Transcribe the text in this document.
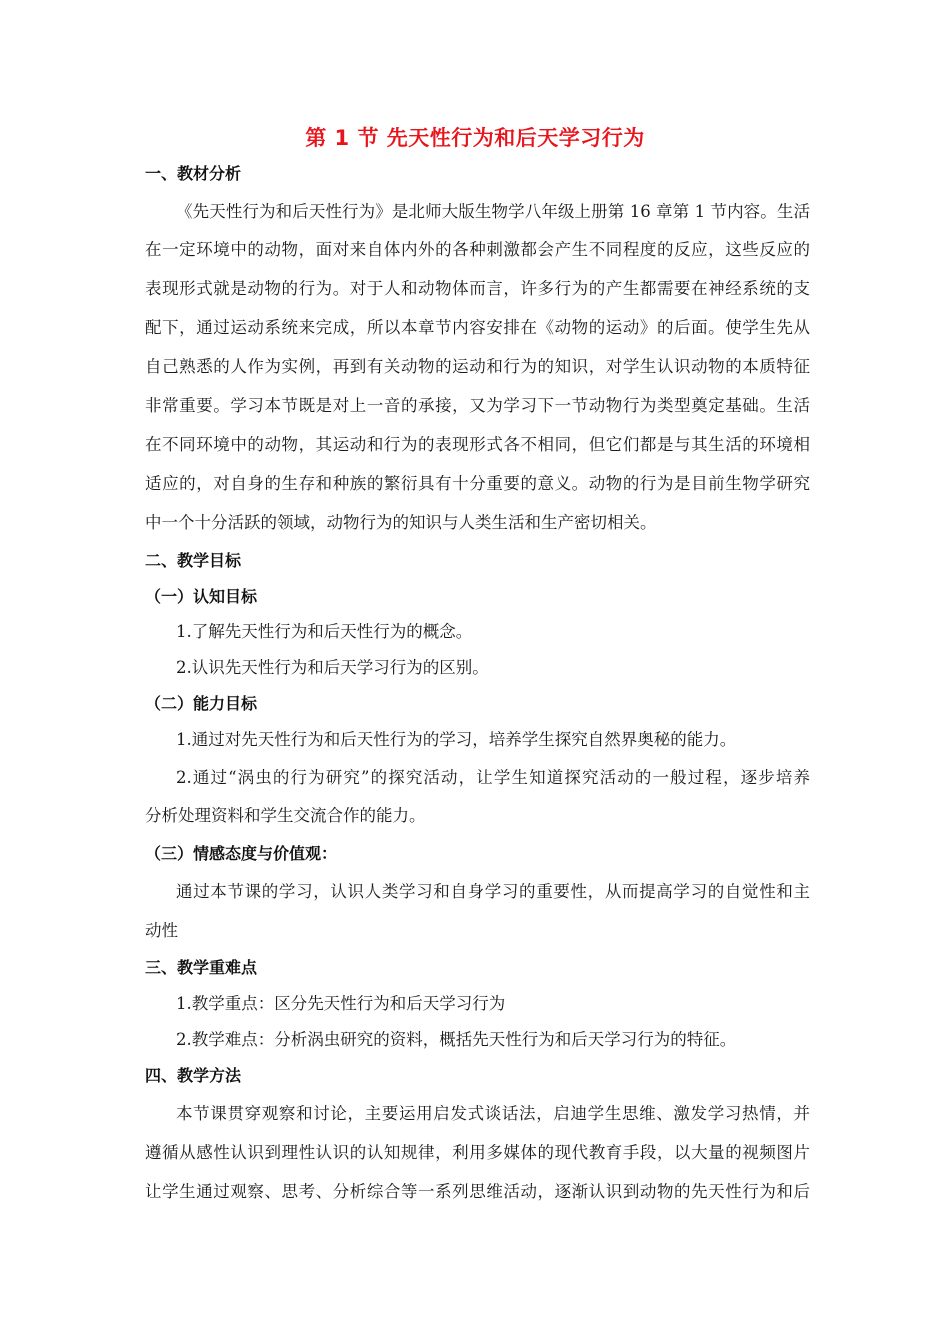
第 1 节 先天性行为和后天学习行为
一、教材分析
《先天性行为和后天性行为》是北师大版生物学八年级上册第 16 章第 1 节内容。生活
在一定环境中的动物，面对来自体内外的各种刺激都会产生不同程度的反应，这些反应的
表现形式就是动物的行为。对于人和动物体而言，许多行为的产生都需要在神经系统的支
配下，通过运动系统来完成，所以本章节内容安排在《动物的运动》的后面。使学生先从
自己熟悉的人作为实例，再到有关动物的运动和行为的知识，对学生认识动物的本质特征
非常重要。学习本节既是对上一音的承接，又为学习下一节动物行为类型奠定基础。生活
在不同环境中的动物，其运动和行为的表现形式各不相同，但它们都是与其生活的环境相
适应的，对自身的生存和种族的繁衍具有十分重要的意义。动物的行为是目前生物学研究
中一个十分活跃的领域，动物行为的知识与人类生活和生产密切相关。
二、教学目标
（一）认知目标
1.了解先天性行为和后天性行为的概念。
2.认识先天性行为和后天学习行为的区别。
（二）能力目标
1.通过对先天性行为和后天性行为的学习，培养学生探究自然界奥秘的能力。
2.通过“涡虫的行为研究”的探究活动，让学生知道探究活动的一般过程，逐步培养
分析处理资料和学生交流合作的能力。
（三）情感态度与价值观：
通过本节课的学习，认识人类学习和自身学习的重要性，从而提高学习的自觉性和主
动性
三、教学重难点
1.教学重点：区分先天性行为和后天学习行为
2.教学难点：分析涡虫研究的资料，概括先天性行为和后天学习行为的特征。
四、教学方法
本节课贯穿观察和讨论，主要运用启发式谈话法，启迪学生思维、激发学习热情，并
遵循从感性认识到理性认识的认知规律，利用多媒体的现代教育手段，以大量的视频图片
让学生通过观察、思考、分析综合等一系列思维活动，逐渐认识到动物的先天性行为和后
